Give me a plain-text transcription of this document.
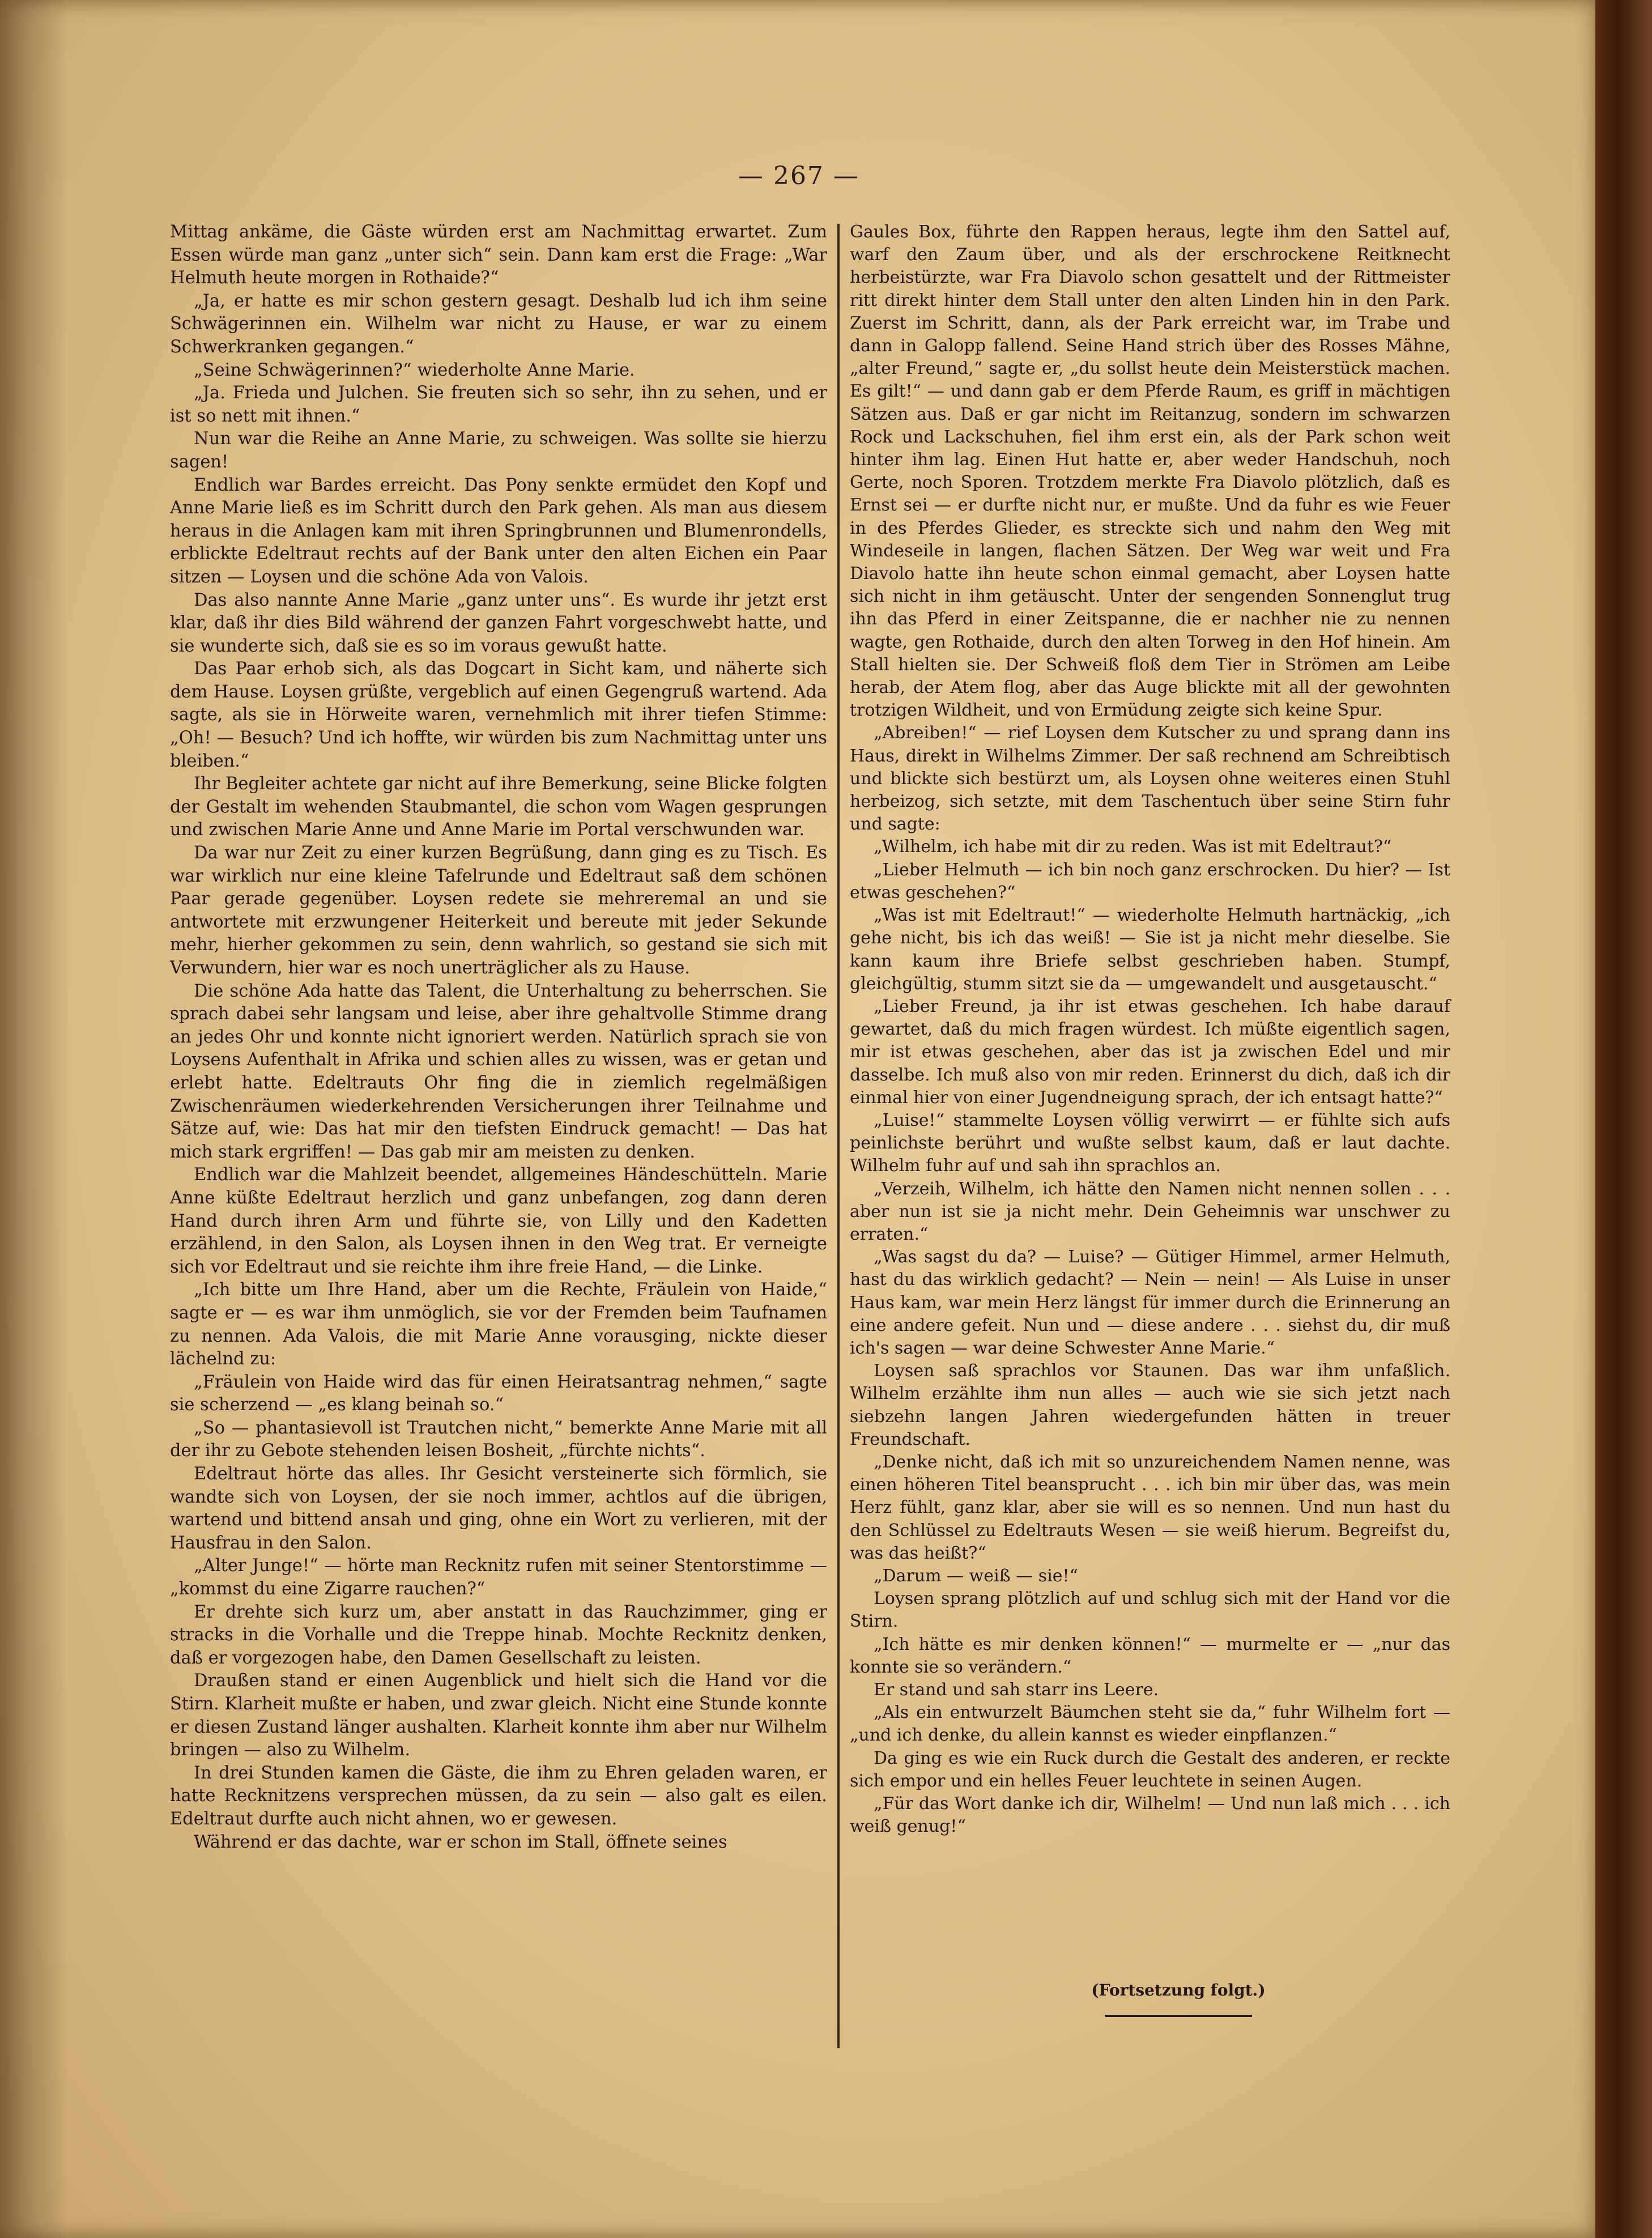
— 267 —

Mittag ankäme, die Gäste würden erst am Nachmittag erwartet. Zum Essen würde man ganz „unter sich“ sein. Dann kam erst die Frage: „War Helmuth heute morgen in Rothaide?“

„Ja, er hatte es mir schon gestern gesagt. Deshalb lud ich ihm seine Schwägerinnen ein. Wilhelm war nicht zu Hause, er war zu einem Schwerkranken gegangen.“

„Seine Schwägerinnen?“ wiederholte Anne Marie.

„Ja. Frieda und Julchen. Sie freuten sich so sehr, ihn zu sehen, und er ist so nett mit ihnen.“

Nun war die Reihe an Anne Marie, zu schweigen. Was sollte sie hierzu sagen!

Endlich war Bardes erreicht. Das Pony senkte ermüdet den Kopf und Anne Marie ließ es im Schritt durch den Park gehen. Als man aus diesem heraus in die Anlagen kam mit ihren Springbrunnen und Blumenrondells, erblickte Edeltraut rechts auf der Bank unter den alten Eichen ein Paar sitzen — Loysen und die schöne Ada von Valois.

Das also nannte Anne Marie „ganz unter uns“. Es wurde ihr jetzt erst klar, daß ihr dies Bild während der ganzen Fahrt vorgeschwebt hatte, und sie wunderte sich, daß sie es so im voraus gewußt hatte.

Das Paar erhob sich, als das Dogcart in Sicht kam, und näherte sich dem Hause. Loysen grüßte, vergeblich auf einen Gegengruß wartend. Ada sagte, als sie in Hörweite waren, vernehmlich mit ihrer tiefen Stimme: „Oh! — Besuch? Und ich hoffte, wir würden bis zum Nachmittag unter uns bleiben.“

Ihr Begleiter achtete gar nicht auf ihre Bemerkung, seine Blicke folgten der Gestalt im wehenden Staubmantel, die schon vom Wagen gesprungen und zwischen Marie Anne und Anne Marie im Portal verschwunden war.

Da war nur Zeit zu einer kurzen Begrüßung, dann ging es zu Tisch. Es war wirklich nur eine kleine Tafelrunde und Edeltraut saß dem schönen Paar gerade gegenüber. Loysen redete sie mehreremal an und sie antwortete mit erzwungener Heiterkeit und bereute mit jeder Sekunde mehr, hierher gekommen zu sein, denn wahrlich, so gestand sie sich mit Verwundern, hier war es noch unerträglicher als zu Hause.

Die schöne Ada hatte das Talent, die Unterhaltung zu beherrschen. Sie sprach dabei sehr langsam und leise, aber ihre gehaltvolle Stimme drang an jedes Ohr und konnte nicht ignoriert werden. Natürlich sprach sie von Loysens Aufenthalt in Afrika und schien alles zu wissen, was er getan und erlebt hatte. Edeltrauts Ohr fing die in ziemlich regelmäßigen Zwischenräumen wiederkehrenden Versicherungen ihrer Teilnahme und Sätze auf, wie: Das hat mir den tiefsten Eindruck gemacht! — Das hat mich stark ergriffen! — Das gab mir am meisten zu denken.

Endlich war die Mahlzeit beendet, allgemeines Händeschütteln. Marie Anne küßte Edeltraut herzlich und ganz unbefangen, zog dann deren Hand durch ihren Arm und führte sie, von Lilly und den Kadetten erzählend, in den Salon, als Loysen ihnen in den Weg trat. Er verneigte sich vor Edeltraut und sie reichte ihm ihre freie Hand, — die Linke.

„Ich bitte um Ihre Hand, aber um die Rechte, Fräulein von Haide,“ sagte er — es war ihm unmöglich, sie vor der Fremden beim Taufnamen zu nennen. Ada Valois, die mit Marie Anne vorausging, nickte dieser lächelnd zu:

„Fräulein von Haide wird das für einen Heiratsantrag nehmen,“ sagte sie scherzend — „es klang beinah so.“

„So — phantasievoll ist Trautchen nicht,“ bemerkte Anne Marie mit all der ihr zu Gebote stehenden leisen Bosheit, „fürchte nichts“.

Edeltraut hörte das alles. Ihr Gesicht versteinerte sich förmlich, sie wandte sich von Loysen, der sie noch immer, achtlos auf die übrigen, wartend und bittend ansah und ging, ohne ein Wort zu verlieren, mit der Hausfrau in den Salon.

„Alter Junge!“ — hörte man Recknitz rufen mit seiner Stentorstimme — „kommst du eine Zigarre rauchen?“

Er drehte sich kurz um, aber anstatt in das Rauchzimmer, ging er stracks in die Vorhalle und die Treppe hinab. Mochte Recknitz denken, daß er vorgezogen habe, den Damen Gesellschaft zu leisten.

Draußen stand er einen Augenblick und hielt sich die Hand vor die Stirn. Klarheit mußte er haben, und zwar gleich. Nicht eine Stunde konnte er diesen Zustand länger aushalten. Klarheit konnte ihm aber nur Wilhelm bringen — also zu Wilhelm.

In drei Stunden kamen die Gäste, die ihm zu Ehren geladen waren, er hatte Recknitzens versprechen müssen, da zu sein — also galt es eilen. Edeltraut durfte auch nicht ahnen, wo er gewesen.

Während er das dachte, war er schon im Stall, öffnete seines

Gaules Box, führte den Rappen heraus, legte ihm den Sattel auf, warf den Zaum über, und als der erschrockene Reitknecht herbeistürzte, war Fra Diavolo schon gesattelt und der Rittmeister ritt direkt hinter dem Stall unter den alten Linden hin in den Park. Zuerst im Schritt, dann, als der Park erreicht war, im Trabe und dann in Galopp fallend. Seine Hand strich über des Rosses Mähne, „alter Freund,“ sagte er, „du sollst heute dein Meisterstück machen. Es gilt!“ — und dann gab er dem Pferde Raum, es griff in mächtigen Sätzen aus. Daß er gar nicht im Reitanzug, sondern im schwarzen Rock und Lackschuhen, fiel ihm erst ein, als der Park schon weit hinter ihm lag. Einen Hut hatte er, aber weder Handschuh, noch Gerte, noch Sporen. Trotzdem merkte Fra Diavolo plötzlich, daß es Ernst sei — er durfte nicht nur, er mußte. Und da fuhr es wie Feuer in des Pferdes Glieder, es streckte sich und nahm den Weg mit Windeseile in langen, flachen Sätzen. Der Weg war weit und Fra Diavolo hatte ihn heute schon einmal gemacht, aber Loysen hatte sich nicht in ihm getäuscht. Unter der sengenden Sonnenglut trug ihn das Pferd in einer Zeitspanne, die er nachher nie zu nennen wagte, gen Rothaide, durch den alten Torweg in den Hof hinein. Am Stall hielten sie. Der Schweiß floß dem Tier in Strömen am Leibe herab, der Atem flog, aber das Auge blickte mit all der gewohnten trotzigen Wildheit, und von Ermüdung zeigte sich keine Spur.

„Abreiben!“ — rief Loysen dem Kutscher zu und sprang dann ins Haus, direkt in Wilhelms Zimmer. Der saß rechnend am Schreibtisch und blickte sich bestürzt um, als Loysen ohne weiteres einen Stuhl herbeizog, sich setzte, mit dem Taschentuch über seine Stirn fuhr und sagte:

„Wilhelm, ich habe mit dir zu reden. Was ist mit Edeltraut?“

„Lieber Helmuth — ich bin noch ganz erschrocken. Du hier? — Ist etwas geschehen?“

„Was ist mit Edeltraut!“ — wiederholte Helmuth hartnäckig, „ich gehe nicht, bis ich das weiß! — Sie ist ja nicht mehr dieselbe. Sie kann kaum ihre Briefe selbst geschrieben haben. Stumpf, gleichgültig, stumm sitzt sie da — umgewandelt und ausgetauscht.“

„Lieber Freund, ja ihr ist etwas geschehen. Ich habe darauf gewartet, daß du mich fragen würdest. Ich müßte eigentlich sagen, mir ist etwas geschehen, aber das ist ja zwischen Edel und mir dasselbe. Ich muß also von mir reden. Erinnerst du dich, daß ich dir einmal hier von einer Jugendneigung sprach, der ich entsagt hatte?“

„Luise!“ stammelte Loysen völlig verwirrt — er fühlte sich aufs peinlichste berührt und wußte selbst kaum, daß er laut dachte. Wilhelm fuhr auf und sah ihn sprachlos an.

„Verzeih, Wilhelm, ich hätte den Namen nicht nennen sollen . . . aber nun ist sie ja nicht mehr. Dein Geheimnis war unschwer zu erraten.“

„Was sagst du da? — Luise? — Gütiger Himmel, armer Helmuth, hast du das wirklich gedacht? — Nein — nein! — Als Luise in unser Haus kam, war mein Herz längst für immer durch die Erinnerung an eine andere gefeit. Nun und — diese andere . . . siehst du, dir muß ich's sagen — war deine Schwester Anne Marie.“

Loysen saß sprachlos vor Staunen. Das war ihm unfaßlich. Wilhelm erzählte ihm nun alles — auch wie sie sich jetzt nach siebzehn langen Jahren wiedergefunden hätten in treuer Freundschaft.

„Denke nicht, daß ich mit so unzureichendem Namen nenne, was einen höheren Titel beansprucht . . . ich bin mir über das, was mein Herz fühlt, ganz klar, aber sie will es so nennen. Und nun hast du den Schlüssel zu Edeltrauts Wesen — sie weiß hierum. Begreifst du, was das heißt?“

„Darum — weiß — sie!“

Loysen sprang plötzlich auf und schlug sich mit der Hand vor die Stirn.

„Ich hätte es mir denken können!“ — murmelte er — „nur das konnte sie so verändern.“

Er stand und sah starr ins Leere.

„Als ein entwurzelt Bäumchen steht sie da,“ fuhr Wilhelm fort — „und ich denke, du allein kannst es wieder einpflanzen.“

Da ging es wie ein Ruck durch die Gestalt des anderen, er reckte sich empor und ein helles Feuer leuchtete in seinen Augen.

„Für das Wort danke ich dir, Wilhelm! — Und nun laß mich . . . ich weiß genug!“

(Fortsetzung folgt.)
